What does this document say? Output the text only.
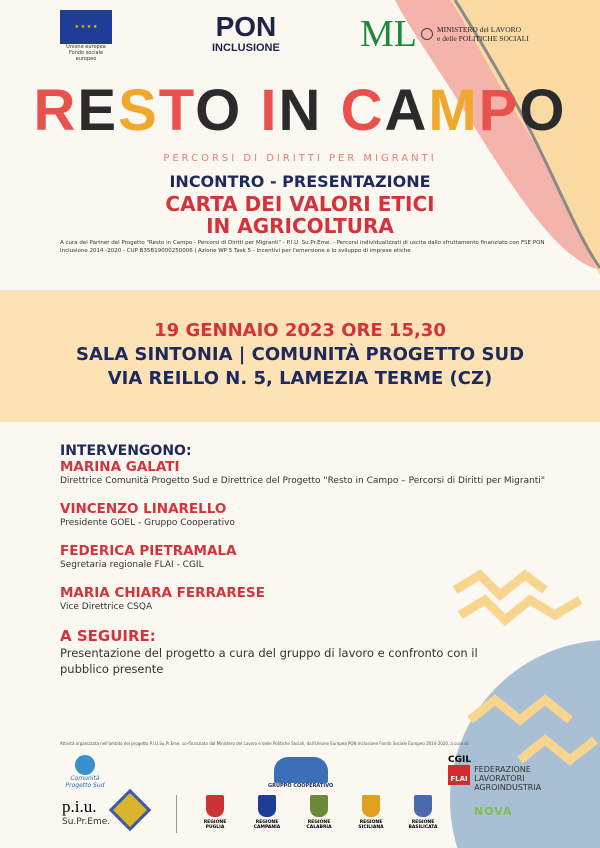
★ ★ ★ ★
Unione europea
Fondo sociale europeo
PON
INCLUSIONE ML	MINISTERO del LAVORO
e delle POLITICHE SOCIALI
RESTO IN CAMPO
PERCORSI DI DIRITTI PER MIGRANTI
INCONTRO - PRESENTAZIONE
CARTA DEI VALORI ETICI
IN AGRICOLTURA
A cura dei Partner del Progetto "Resto in Campo - Percorsi di Diritti per Migranti" - P.I.U. Su.Pr.Eme. - Percorsi individualizzati di uscita dallo sfruttamento finanziato con FSE PON Inclusione 2014 -2020 - CUP B35B19000250006 | Azione WP 5 Task 5 - Incentivi per l'emersione e lo sviluppo di imprese etiche
19 GENNAIO 2023 ORE 15,30
SALA SINTONIA | COMUNITÀ PROGETTO SUD
VIA REILLO N. 5, LAMEZIA TERME (CZ)
INTERVENGONO:
MARINA GALATI
Direttrice Comunità Progetto Sud e Direttrice del Progetto "Resto in Campo – Percorsi di Diritti per Migranti"
VINCENZO LINARELLO
Presidente GOEL - Gruppo Cooperativo
FEDERICA PIETRAMALA
Segretaria regionale FLAI - CGIL
MARIA CHIARA FERRARESE
Vice Direttrice CSQA
A SEGUIRE:
Presentazione del progetto a cura del gruppo di lavoro e confronto con il pubblico presente
Attività organizzata nell'ambito del progetto P.I.U.Su.Pr.Eme. co-finanziato dal Ministero del Lavoro e delle Politiche Sociali, dall'Unione Europea PON Inclusione Fondo Sociale Europeo 2014-2020, a cura di:
Comunità Progetto Sud	GRUPPO COOPERATIVO
CGIL
FLAI
FEDERAZIONE
LAVORATORI
AGROINDUSTRIA
p.i.u.
Su.Pr.Eme.	REGIONE PUGLIA
REGIONE CAMPANIA
REGIONE CALABRIA
REGIONE SICILIANA
REGIONE BASILICATA
NOVA
